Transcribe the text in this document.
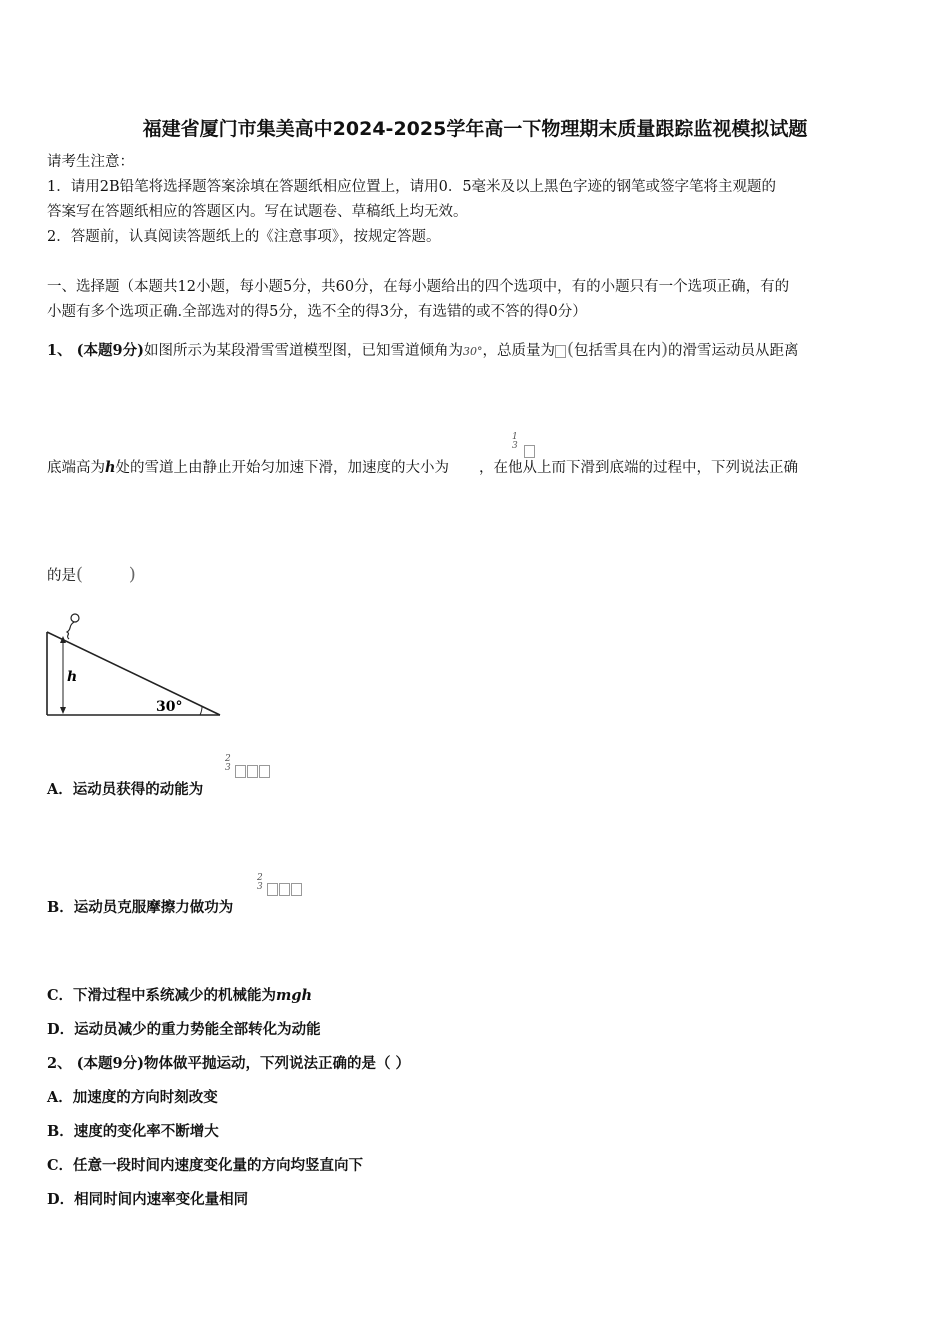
福建省厦门市集美高中2024-2025学年高一下物理期末质量跟踪监视模拟试题
请考生注意：
1．请用2B铅笔将选择题答案涂填在答题纸相应位置上，请用0．5毫米及以上黑色字迹的钢笔或签字笔将主观题的
答案写在答题纸相应的答题区内。写在试题卷、草稿纸上均无效。
2．答题前，认真阅读答题纸上的《注意事项》，按规定答题。
一、选择题（本题共12小题，每小题5分，共60分，在每小题给出的四个选项中，有的小题只有一个选项正确，有的
小题有多个选项正确.全部选对的得5分，选不全的得3分，有选错的或不答的得0分）
1、 (本题9分)如图所示为某段滑雪雪道模型图，已知雪道倾角为30°，总质量为 (包括雪具在内)的滑雪运动员从距离
底端高为h处的雪道上由静止开始匀加速下滑，加速度的大小为 ，在他从上而下滑到底端的过程中，下列说法正确
1
3
的是(        )
h
30°
A．运动员获得的动能为
2
3
B．运动员克服摩擦力做功为
2
3
C．下滑过程中系统减少的机械能为mgh
D．运动员减少的重力势能全部转化为动能
2、 (本题9分)物体做平抛运动，下列说法正确的是（ ）
A．加速度的方向时刻改变
B．速度的变化率不断增大
C．任意一段时间内速度变化量的方向均竖直向下
D．相同时间内速率变化量相同
